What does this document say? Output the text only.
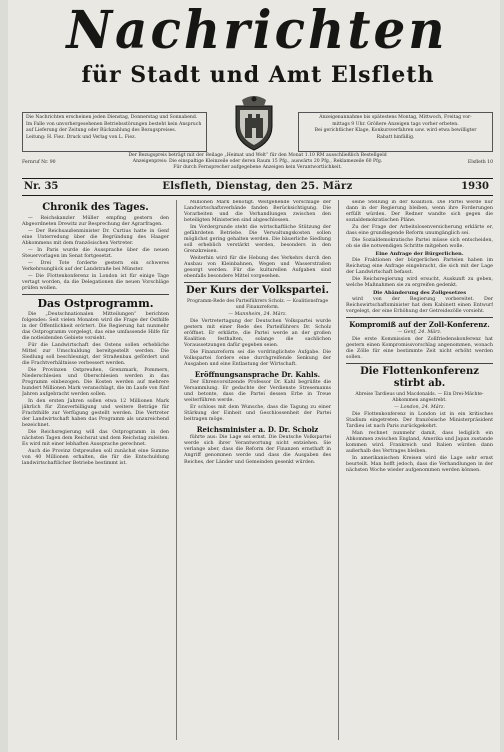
Nachrichten
für Stadt und Amt Elsfleth

Die Nachrichten erscheinen jeden Dienstag, Donnerstag und Sonnabend.

Im Falle von unvorhergesehenen Betriebsstörungen besteht kein Anspruch

auf Lieferung der Zeitung oder Rückzahlung des Bezugspreises.

Leitung: H. Fiez. Druck und Verlag von L. Fiez.

Anzeigenannahme bis spätestens Montag, Mittwoch, Freitag vor-

mittags 9 Uhr. Größere Anzeigen tags vorher erbeten.

Bei gerichtlicher Klage, Konkursverfahren usw. wird etwa bewilligter

Rabatt hinfällig.

Fernruf Nr. 90

Der Bezugspreis beträgt mit der Beilage „Heimat und Welt“ für den Monat 1.10 RM ausschließlich Bestellgeld

Anzeigenpreis: Die einspaltige Kleinzeile oder deren Raum 15 Pfg., auswärts 20 Pfg., Reklamezeile 60 Pfg.

Für durch Fernsprecher aufgegebene Anzeigen kein Verantwortlichkeit.

Elsfleth 10
Nr. 35	Elsfleth, Dienstag, den 25. März	1930
Chronik des Tages.

— Reichskanzler Müller empfing gestern den Abgeordneten Drewitz zur Besprechung der Agrarfragen.

— Der Reichsaußenminister Dr. Curtius hatte in Genf eine Unterredung über die Begründung des Haager Abkommens mit dem französischen Vertreter.

— In Paris wurde die Aussprache über die neuen Steuervorlagen im Senat fortgesetzt.

— Drei Tote forderte gestern ein schweres Verkehrsunglück auf der Landstraße bei Münster.

— Die Flottenkonferenz in London ist für einige Tage vertagt worden, da die Delegationen die neuen Vorschläge prüfen wollen.

Das Ostprogramm.

Die „Deutschnationalen Mitteilungen“ berichten folgendes: Seit vielen Monaten wird die Frage der Osthilfe in der Öffentlichkeit erörtert. Die Regierung hat nunmehr das Ostprogramm vorgelegt, das eine umfassende Hilfe für die notleidenden Gebiete vorsieht.

Für die Landwirtschaft des Ostens sollen erhebliche Mittel zur Umschuldung bereitgestellt werden. Die Siedlung soll beschleunigt, der Straßenbau gefördert und die Frachtverhältnisse verbessert werden.

Die Provinzen Ostpreußen, Grenzmark, Pommern, Niederschlesien und Oberschlesien werden in das Programm einbezogen. Die Kosten werden auf mehrere hundert Millionen Mark veranschlagt, die im Laufe von fünf Jahren aufgebracht werden sollen.

In den ersten Jahren sollen etwa 12 Millionen Mark jährlich für Zinsverbilligung und weitere Beträge für Frachthilfe zur Verfügung gestellt werden. Die Vertreter der Landwirtschaft haben das Programm als unzureichend bezeichnet.

Die Reichsregierung will das Ostprogramm in den nächsten Tagen dem Reichsrat und dem Reichstag zuleiten. Es wird mit einer lebhaften Aussprache gerechnet.

Auch die Provinz Ostpreußen soll zunächst eine Summe von 40 Millionen erhalten, die für die Entschuldung landwirtschaftlicher Betriebe bestimmt ist.

Millionen Mark benötigt. Weitgehende Vorschläge der Landwirtschaftsverbände fanden Berücksichtigung. Die Vorarbeiten und die Verhandlungen zwischen den beteiligten Ministerien sind abgeschlossen.

Im Vordergrunde steht die wirtschaftliche Stützung der gefährdeten Betriebe. Die Verwaltungskosten sollen möglichst gering gehalten werden. Die bäuerliche Siedlung soll erheblich verstärkt werden, besonders in den Grenzkreisen.

Weiterhin wird für die Hebung des Verkehrs durch den Ausbau von Kleinbahnen, Wegen und Wasserstraßen gesorgt werden. Für die kulturellen Aufgaben sind ebenfalls besondere Mittel vorgesehen.

Der Kurs der Volkspartei.

Programm-Rede des Parteiführers Scholz. — Koalitionsfrage und Finanzreform.

— Mannheim, 24. März.

Die Vertretertagung der Deutschen Volkspartei wurde gestern mit einer Rede des Parteiführers Dr. Scholz eröffnet. Er erklärte, die Partei werde an der großen Koalition festhalten, solange die sachlichen Voraussetzungen dafür gegeben seien.

Die Finanzreform sei die vordringlichste Aufgabe. Die Volkspartei fordere eine durchgreifende Senkung der Ausgaben und eine Entlastung der Wirtschaft.

Eröffnungsansprache Dr. Kahls.

Der Ehrenvorsitzende Professor Dr. Kahl begrüßte die Versammlung. Er gedachte der Verdienste Stresemanns und betonte, dass die Partei dessen Erbe in Treue weiterführen werde.

Er schloss mit dem Wunsche, dass die Tagung zu einer Stärkung der Einheit und Geschlossenheit der Partei beitragen möge.

Reichsminister a. D. Dr. Scholz

führte aus: Die Lage sei ernst. Die Deutsche Volkspartei werde sich ihrer Verantwortung nicht entziehen. Sie verlange aber, dass die Reform der Finanzen ernsthaft in Angriff genommen werde und dass die Ausgaben des Reiches, der Länder und Gemeinden gesenkt würden.

seine Stellung in der Koalition. Die Partei werde nur dann in der Regierung bleiben, wenn ihre Forderungen erfüllt würden. Der Redner wandte sich gegen die sozialdemokratischen Pläne.

Zu der Frage der Arbeitslosenversicherung erklärte er, dass eine grundlegende Reform unumgänglich sei.

Die Sozialdemokratische Partei müsse sich entscheiden, ob sie die notwendigen Schritte mitgehen wolle.

Eine Anfrage der Bürgerlichen.

Die Fraktionen der bürgerlichen Parteien haben im Reichstag eine Anfrage eingebracht, die sich mit der Lage der Landwirtschaft befasst.

Die Reichsregierung wird ersucht, Auskunft zu geben, welche Maßnahmen sie zu ergreifen gedenkt.

Die Abänderung des Zollgesetzes

wird von der Regierung vorbereitet. Der Reichswirtschaftsminister hat dem Kabinett einen Entwurf vorgelegt, der eine Erhöhung der Getreidezölle vorsieht.

Kompromiß auf der Zoll-Konferenz.

— Genf, 24. März.

Die erste Kommission der Zollfriedenskonferenz hat gestern einen Kompromissvorschlag angenommen, wonach die Zölle für eine bestimmte Zeit nicht erhöht werden sollen.

Die Flottenkonferenz stirbt ab.

Abreise Tardieus und Macdonalds. — Ein Drei-Mächte-Abkommen angestrebt.

— London, 24. März.

Die Flottenkonferenz in London ist in ein kritisches Stadium eingetreten. Der französische Ministerpräsident Tardieu ist nach Paris zurückgekehrt.

Man rechnet nunmehr damit, dass lediglich ein Abkommen zwischen England, Amerika und Japan zustande kommen wird. Frankreich und Italien würden dann außerhalb des Vertrages bleiben.

In amerikanischen Kreisen wird die Lage sehr ernst beurteilt. Man hofft jedoch, dass die Verhandlungen in der nächsten Woche wieder aufgenommen werden können.
